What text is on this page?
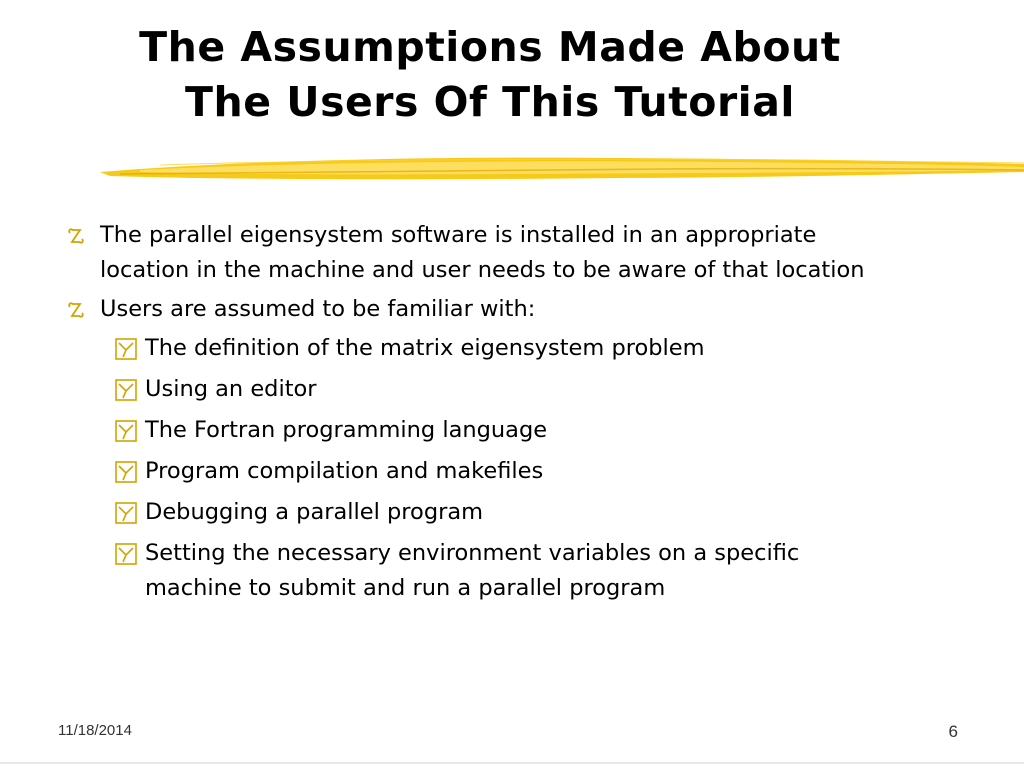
The Assumptions Made About
The Users Of This Tutorial
The parallel eigensystem software is installed in an appropriate
location in the machine and user needs to be aware of that location
Users are assumed to be familiar with:
The definition of the matrix eigensystem problem
Using an editor
The Fortran programming language
Program compilation and makefiles
Debugging a parallel program
Setting the necessary environment variables on a specific
machine to submit and run a parallel program
11/18/2014	6
